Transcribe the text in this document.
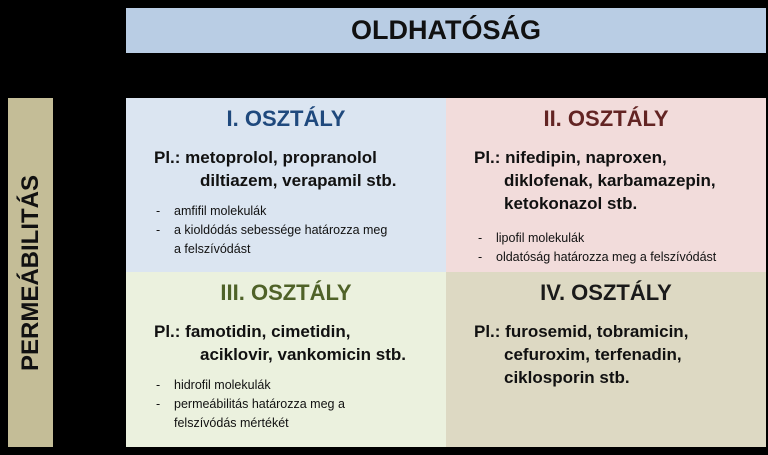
OLDHATÓSÁG
PERMEÁBILITÁS
I. OSZTÁLY
Pl.: metoprolol, propranolol
diltiazem, verapamil stb.
- amfifil molekulák
- a kioldódás sebessége határozza meg
a felszívódást
II. OSZTÁLY
Pl.: nifedipin, naproxen,
diklofenak, karbamazepin,
ketokonazol stb.
- lipofil molekulák
- oldatóság határozza meg a felszívódást
III. OSZTÁLY
Pl.: famotidin, cimetidin,
aciklovir, vankomicin stb.
- hidrofil molekulák
- permeábilitás határozza meg a
felszívódás mértékét
IV. OSZTÁLY
Pl.: furosemid, tobramicin,
cefuroxim, terfenadin,
ciklosporin stb.
